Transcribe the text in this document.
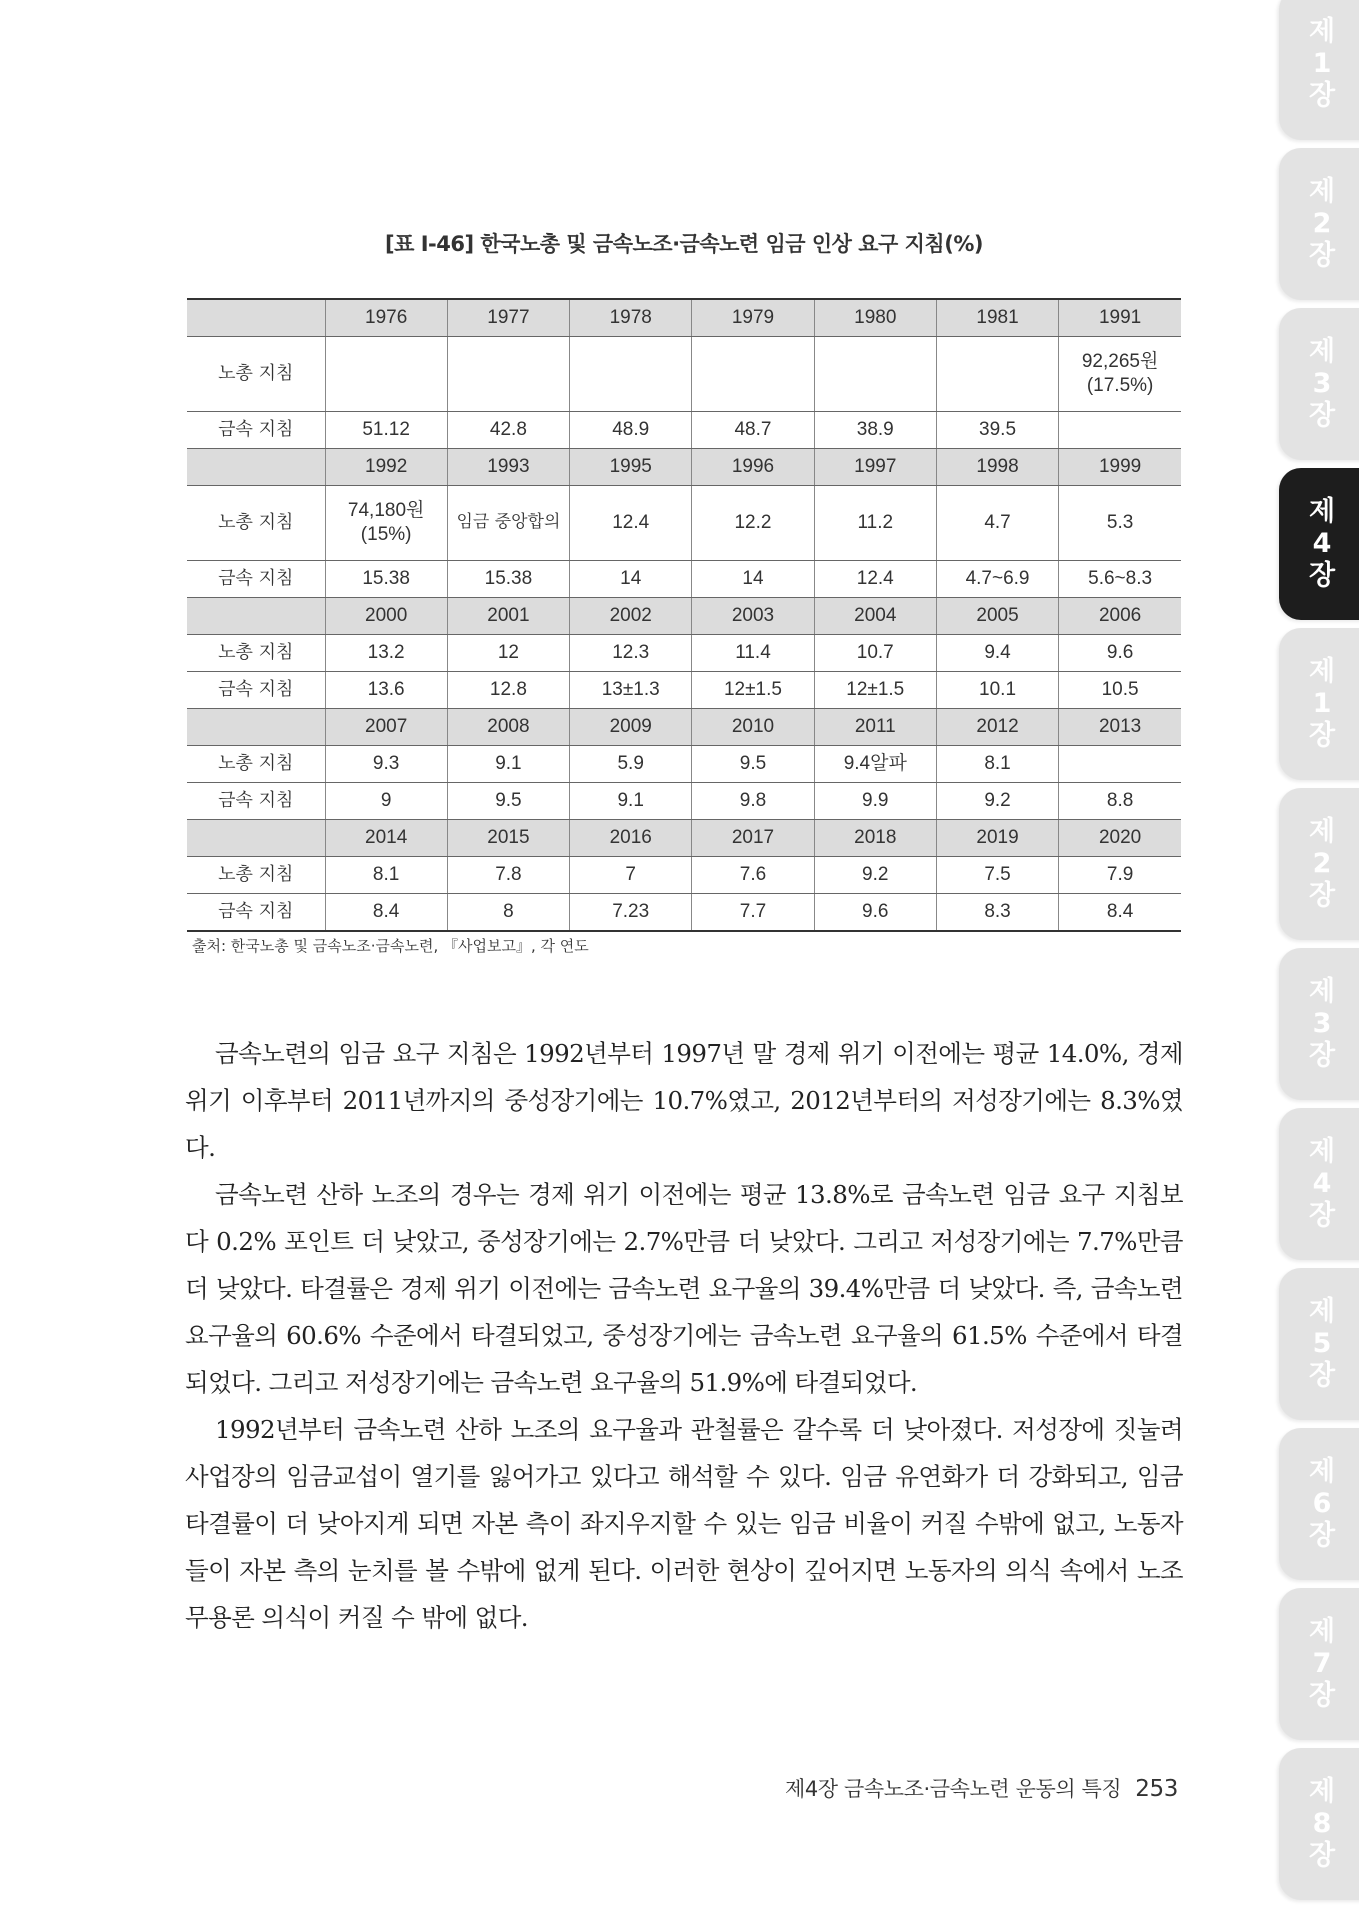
제
1
장
제
2
장
제
3
장
제
4
장
제
1
장
제
2
장
제
3
장
제
4
장
제
5
장
제
6
장
제
7
장
제
8
장
[표 Ⅰ-46] 한국노총 및 금속노조·금속노련 임금 인상 요구 지침(%)
	1976	1977	1978	1979	1980	1981	1991
노총 지침							92,265원
(17.5%)
금속 지침	51.12	42.8	48.9	48.7	38.9	39.5	
	1992	1993	1995	1996	1997	1998	1999
노총 지침	74,180원
(15%)	임금 중앙합의	12.4	12.2	11.2	4.7	5.3
금속 지침	15.38	15.38	14	14	12.4	4.7~6.9	5.6~8.3
	2000	2001	2002	2003	2004	2005	2006
노총 지침	13.2	12	12.3	11.4	10.7	9.4	9.6
금속 지침	13.6	12.8	13±1.3	12±1.5	12±1.5	10.1	10.5
	2007	2008	2009	2010	2011	2012	2013
노총 지침	9.3	9.1	5.9	9.5	9.4알파	8.1	
금속 지침	9	9.5	9.1	9.8	9.9	9.2	8.8
	2014	2015	2016	2017	2018	2019	2020
노총 지침	8.1	7.8	7	7.6	9.2	7.5	7.9
금속 지침	8.4	8	7.23	7.7	9.6	8.3	8.4
출처: 한국노총 및 금속노조·금속노련, 『사업보고』, 각 연도

금속노련의 임금 요구 지침은 1992년부터 1997년 말 경제 위기 이전에는 평균 14.0%, 경제 위기 이후부터 2011년까지의 중성장기에는 10.7%였고, 2012년부터의 저성장기에는 8.3%였다.

금속노련 산하 노조의 경우는 경제 위기 이전에는 평균 13.8%로 금속노련 임금 요구 지침보다 0.2% 포인트 더 낮았고, 중성장기에는 2.7%만큼 더 낮았다. 그리고 저성장기에는 7.7%만큼 더 낮았다. 타결률은 경제 위기 이전에는 금속노련 요구율의 39.4%만큼 더 낮았다. 즉, 금속노련 요구율의 60.6% 수준에서 타결되었고, 중성장기에는 금속노련 요구율의 61.5% 수준에서 타결되었다. 그리고 저성장기에는 금속노련 요구율의 51.9%에 타결되었다.

1992년부터 금속노련 산하 노조의 요구율과 관철률은 갈수록 더 낮아졌다. 저성장에 짓눌려 사업장의 임금교섭이 열기를 잃어가고 있다고 해석할 수 있다. 임금 유연화가 더 강화되고, 임금 타결률이 더 낮아지게 되면 자본 측이 좌지우지할 수 있는 임금 비율이 커질 수밖에 없고, 노동자들이 자본 측의 눈치를 볼 수밖에 없게 된다. 이러한 현상이 깊어지면 노동자의 의식 속에서 노조 무용론 의식이 커질 수 밖에 없다.

제4장 금속노조·금속노련 운동의 특징 253
